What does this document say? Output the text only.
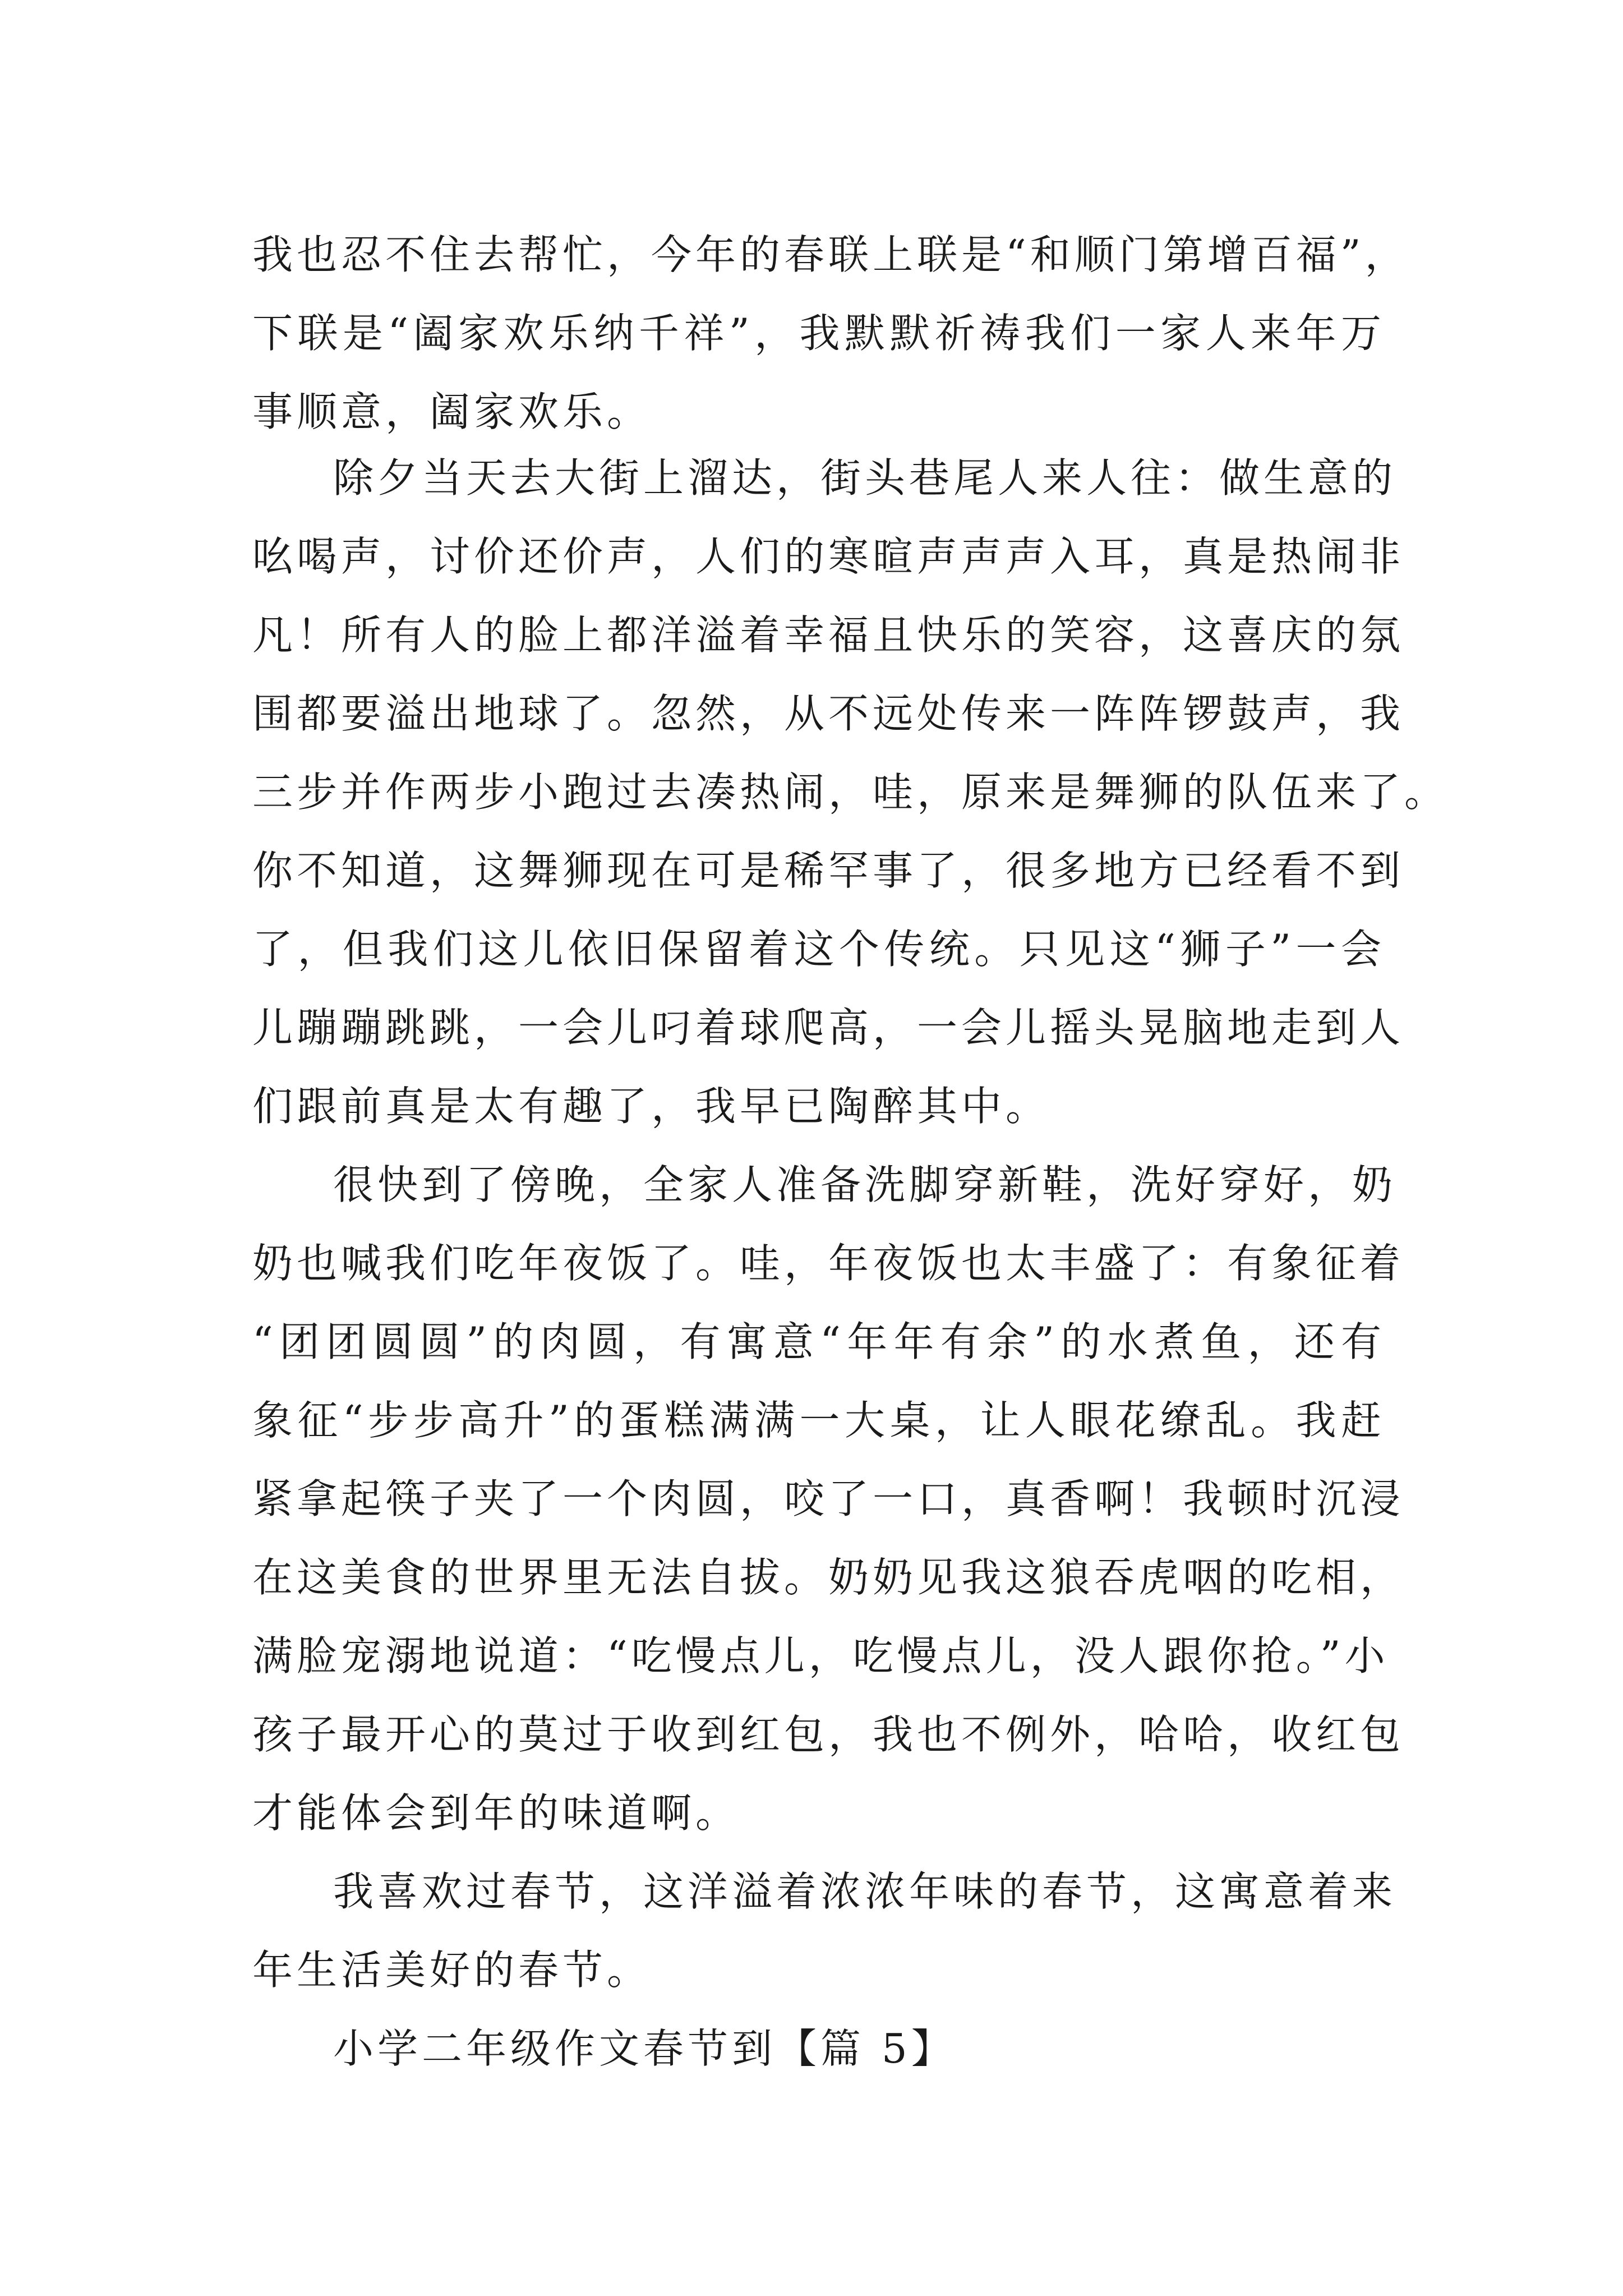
我也忍不住去帮忙，今年的春联上联是“和顺门第增百福”，
下联是“阖家欢乐纳千祥”，我默默祈祷我们一家人来年万
事顺意，阖家欢乐。
除夕当天去大街上溜达，街头巷尾人来人往：做生意的
吆喝声，讨价还价声，人们的寒暄声声声入耳，真是热闹非
凡！所有人的脸上都洋溢着幸福且快乐的笑容，这喜庆的氛
围都要溢出地球了。忽然，从不远处传来一阵阵锣鼓声，我
三步并作两步小跑过去凑热闹，哇，原来是舞狮的队伍来了。
你不知道，这舞狮现在可是稀罕事了，很多地方已经看不到
了，但我们这儿依旧保留着这个传统。只见这“狮子”一会
儿蹦蹦跳跳，一会儿叼着球爬高，一会儿摇头晃脑地走到人
们跟前真是太有趣了，我早已陶醉其中。
很快到了傍晚，全家人准备洗脚穿新鞋，洗好穿好，奶
奶也喊我们吃年夜饭了。哇，年夜饭也太丰盛了：有象征着
“团团圆圆”的肉圆，有寓意“年年有余”的水煮鱼，还有
象征“步步高升”的蛋糕满满一大桌，让人眼花缭乱。我赶
紧拿起筷子夹了一个肉圆，咬了一口，真香啊！我顿时沉浸
在这美食的世界里无法自拔。奶奶见我这狼吞虎咽的吃相，
满脸宠溺地说道：“吃慢点儿，吃慢点儿，没人跟你抢。”小
孩子最开心的莫过于收到红包，我也不例外，哈哈，收红包
才能体会到年的味道啊。
我喜欢过春节，这洋溢着浓浓年味的春节，这寓意着来
年生活美好的春节。
小学二年级作文春节到【篇 5】
